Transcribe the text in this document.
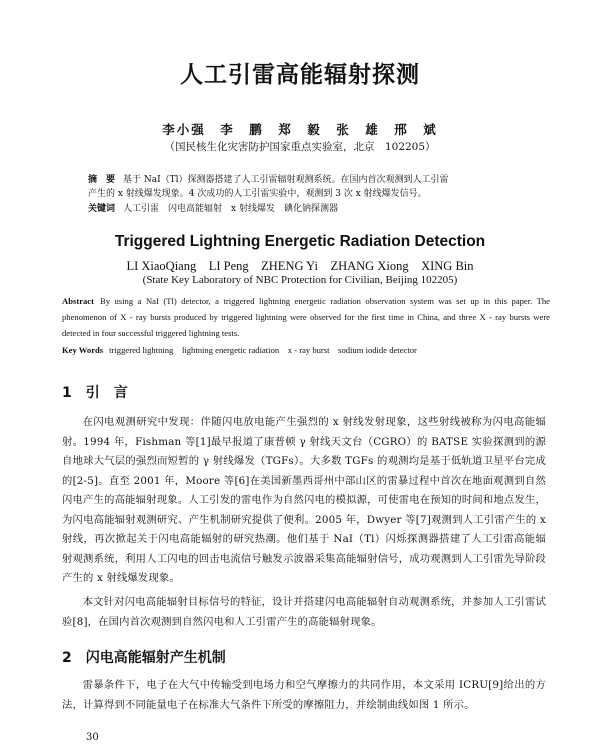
人工引雷高能辐射探测
李小强　李　鹏　郑　毅　张　雄　邢　斌
（国民核生化灾害防护国家重点实验室，北京　102205）
摘　要 基于 NaI（Tl）探测器搭建了人工引雷辐射观测系统。在国内首次观测到人工引雷
产生的 x 射线爆发现象。4 次成功的人工引雷实验中，观测到 3 次 x 射线爆发信号。
关键词 人工引雷　闪电高能辐射　x 射线爆发　碘化钠探测器
Triggered Lightning Energetic Radiation Detection
LI XiaoQiang　LI Peng　ZHENG Yi　ZHANG Xiong　XING Bin
(State Key Laboratory of NBC Protection for Civilian, Beijing 102205)
Abstract By using a NaI (Tl) detector, a triggered lightning energetic radiation observation system was set up in this paper. The phenomenon of X - ray bursts produced by triggered lightning were observed for the first time in China, and three X - ray bursts were detected in four successful triggered lightning tests.
Key Words triggered lightning　lightning energetic radiation　x - ray burst　sodium iodide detector
1 引　言
在闪电观测研究中发现：伴随闪电放电能产生强烈的 x 射线发射现象，这些射线被称为闪电高能辐射。1994 年，Fishman 等[1]最早报道了康普顿 γ 射线天文台（CGRO）的 BATSE 实验探测到的源自地球大气层的强烈而短暂的 γ 射线爆发（TGFs）。大多数 TGFs 的观测均是基于低轨道卫星平台完成的[2-5]。直至 2001 年，Moore 等[6]在美国新墨西哥州中部山区的雷暴过程中首次在地面观测到自然闪电产生的高能辐射现象。人工引发的雷电作为自然闪电的模拟源，可使雷电在预知的时间和地点发生，为闪电高能辐射观测研究、产生机制研究提供了便利。2005 年，Dwyer 等[7]观测到人工引雷产生的 x 射线，再次掀起关于闪电高能辐射的研究热潮。他们基于 NaI（Tl）闪烁探测器搭建了人工引雷高能辐射观测系统，利用人工闪电的回击电流信号触发示波器采集高能辐射信号，成功观测到人工引雷先导阶段产生的 x 射线爆发现象。
本文针对闪电高能辐射目标信号的特征，设计并搭建闪电高能辐射自动观测系统，并参加人工引雷试验[8]，在国内首次观测到自然闪电和人工引雷产生的高能辐射现象。
2 闪电高能辐射产生机制
雷暴条件下，电子在大气中传输受到电场力和空气摩擦力的共同作用，本文采用 ICRU[9]给出的方法，计算得到不同能量电子在标准大气条件下所受的摩擦阻力，并绘制曲线如图 1 所示。
30
